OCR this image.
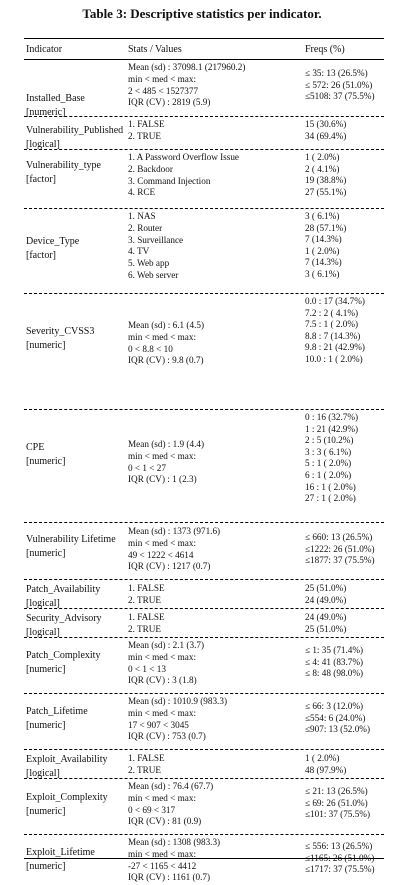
Table 3: Descriptive statistics per indicator.
Indicator	Stats / Values	Freqs (%)
Installed_Base
[numeric]
Mean (sd) : 37098.1 (217960.2)
min < med < max:
2 < 485 < 1527377
IQR (CV) : 2819 (5.9)
≤ 35: 13 (26.5%)
≤ 572: 26 (51.0%)
≤5108: 37 (75.5%)
Vulnerability_Published
[logical]
1. FALSE
2. TRUE
15 (30.6%)
34 (69.4%)
Vulnerability_type
[factor]
1. A Password Overflow Issue
2. Backdoor
3. Command Injection
4. RCE
1 ( 2.0%)
2 ( 4.1%)
19 (38.8%)
27 (55.1%)
Device_Type
[factor]
1. NAS
2. Router
3. Surveillance
4. TV
5. Web app
6. Web server
3 ( 6.1%)
28 (57.1%)
7 (14.3%)
1 ( 2.0%)
7 (14.3%)
3 ( 6.1%)
Severity_CVSS3
[numeric]
Mean (sd) : 6.1 (4.5)
min < med < max:
0 < 8.8 < 10
IQR (CV) : 9.8 (0.7)
0.0 : 17 (34.7%)
7.2 : 2 ( 4.1%)
7.5 : 1 ( 2.0%)
8.8 : 7 (14.3%)
9.8 : 21 (42.9%)
10.0 : 1 ( 2.0%)
CPE
[numeric]
Mean (sd) : 1.9 (4.4)
min < med < max:
0 < 1 < 27
IQR (CV) : 1 (2.3)
0 : 16 (32.7%)
1 : 21 (42.9%)
2 : 5 (10.2%)
3 : 3 ( 6.1%)
5 : 1 ( 2.0%)
6 : 1 ( 2.0%)
16 : 1 ( 2.0%)
27 : 1 ( 2.0%)
Vulnerability Lifetime
[numeric]
Mean (sd) : 1373 (971.6)
min < med < max:
49 < 1222 < 4614
IQR (CV) : 1217 (0.7)
≤ 660: 13 (26.5%)
≤1222: 26 (51.0%)
≤1877: 37 (75.5%)
Patch_Availability
[logical]
1. FALSE
2. TRUE
25 (51.0%)
24 (49.0%)
Security_Advisory
[logical]
1. FALSE
2. TRUE
24 (49.0%)
25 (51.0%)
Patch_Complexity
[numeric]
Mean (sd) : 2.1 (3.7)
min < med < max:
0 < 1 < 13
IQR (CV) : 3 (1.8)
≤ 1: 35 (71.4%)
≤ 4: 41 (83.7%)
≤ 8: 48 (98.0%)
Patch_Lifetime
[numeric]
Mean (sd) : 1010.9 (983.3)
min < med < max:
17 < 907 < 3045
IQR (CV) : 753 (0.7)
≤ 66: 3 (12.0%)
≤554: 6 (24.0%)
≤907: 13 (52.0%)
Exploit_Availability
[logical]
1. FALSE
2. TRUE
1 ( 2.0%)
48 (97.9%)
Exploit_Complexity
[numeric]
Mean (sd) : 76.4 (67.7)
min < med < max:
0 < 69 < 317
IQR (CV) : 81 (0.9)
≤ 21: 13 (26.5%)
≤ 69: 26 (51.0%)
≤101: 37 (75.5%)
Exploit_Lifetime
[numeric]
Mean (sd) : 1308 (983.3)
min < med < max:
-27 < 1165 < 4412
IQR (CV) : 1161 (0.7)
≤ 556: 13 (26.5%)
≤1165: 26 (51.0%)
≤1717: 37 (75.5%)
